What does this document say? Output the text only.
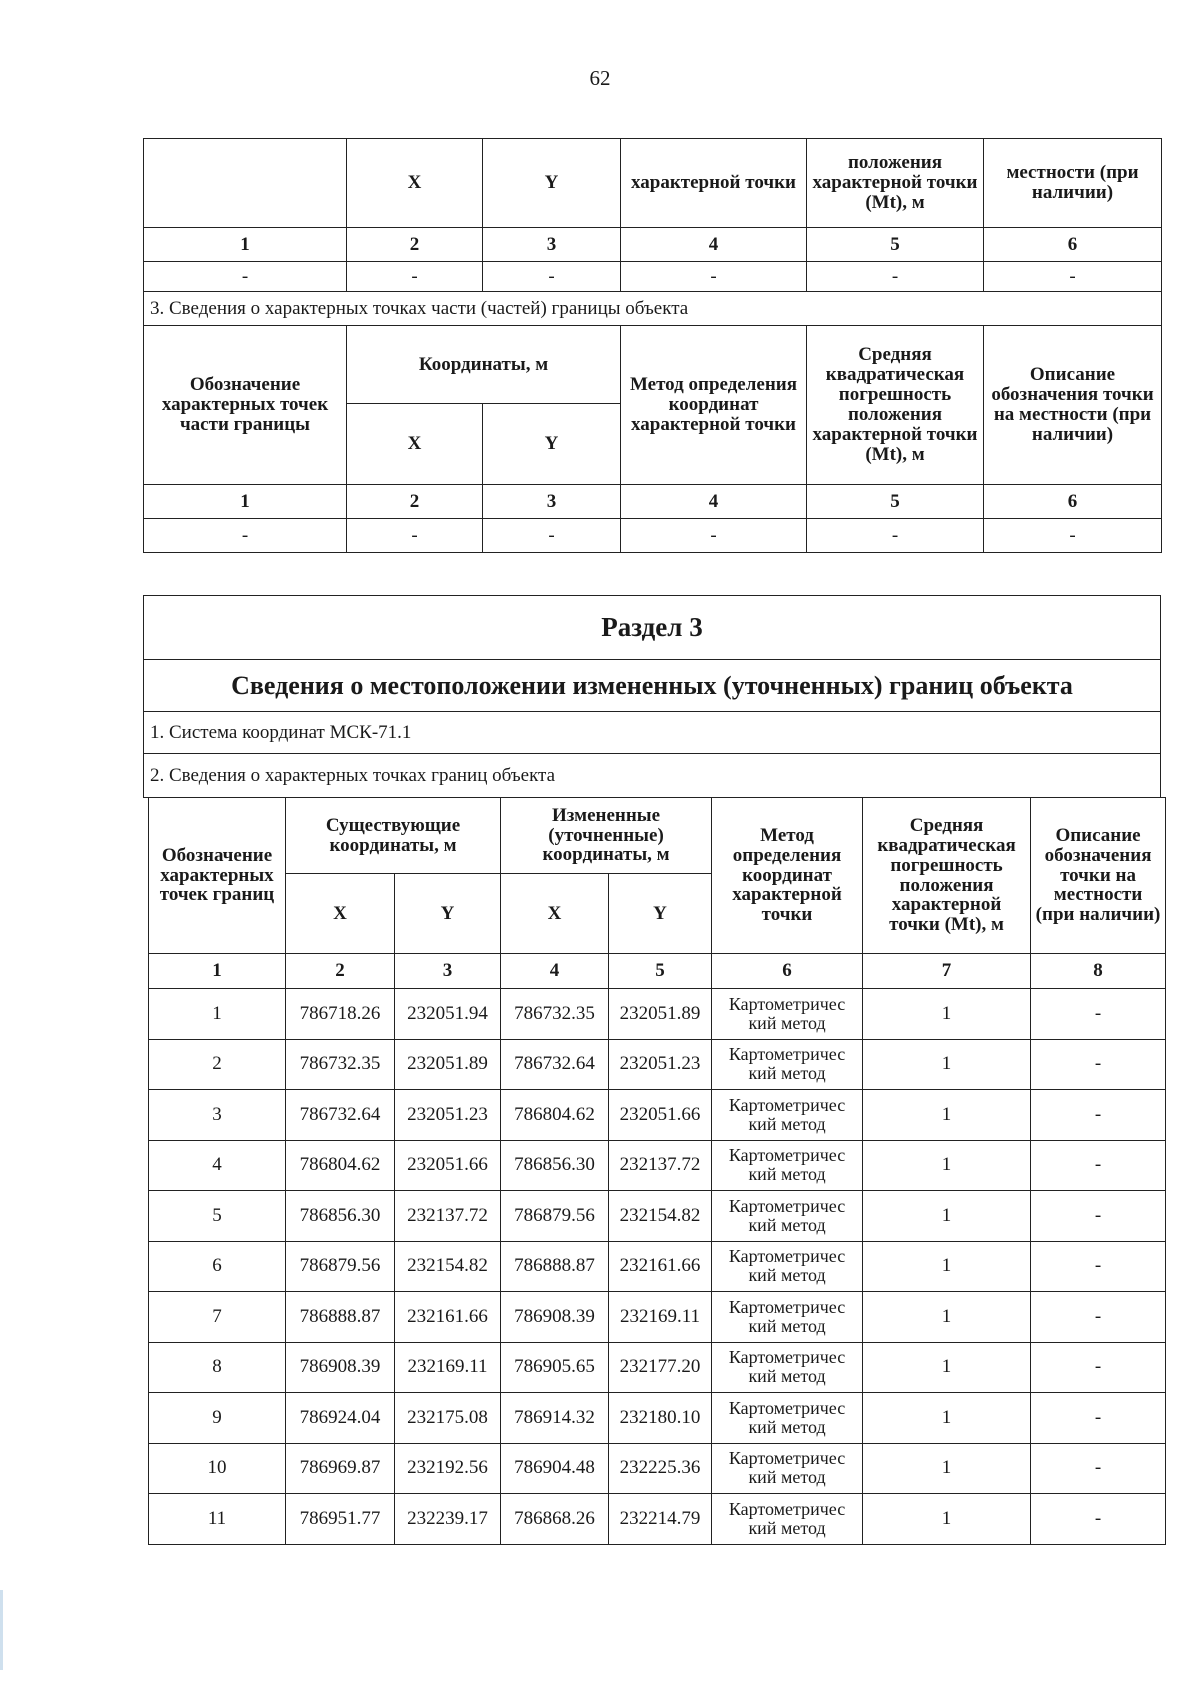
62
	X	Y	характерной точки	положения характерной точки (Mt), м	местности (при наличии)
1	2	3	4	5	6
-	-	-	-	-	-
3. Сведения о характерных точках части (частей) границы объекта					
Обозначение характерных точек части границы	Координаты, м		Метод определения координат характерной точки	Средняя квадратическая погрешность положения характерной точки (Mt), м	Описание обозначения точки на местности (при наличии)
	X	Y			
1	2	3	4	5	6
-	-	-	-	-	-
Раздел 3
Сведения о местоположении измененных (уточненных) границ объекта
1. Система координат МСК-71.1
2. Сведения о характерных точках границ объекта
Обозначение характерных точек границ	Существующие координаты, м		Измененные (уточненные) координаты, м		Метод определения координат характерной точки	Средняя квадратическая погрешность положения характерной точки (Mt), м	Описание обозначения точки на местности (при наличии)
	X	Y	X	Y			
1	2	3	4	5	6	7	8
1	786718.26	232051.94	786732.35	232051.89	Картометричес кий метод	1	-
2	786732.35	232051.89	786732.64	232051.23	Картометричес кий метод	1	-
3	786732.64	232051.23	786804.62	232051.66	Картометричес кий метод	1	-
4	786804.62	232051.66	786856.30	232137.72	Картометричес кий метод	1	-
5	786856.30	232137.72	786879.56	232154.82	Картометричес кий метод	1	-
6	786879.56	232154.82	786888.87	232161.66	Картометричес кий метод	1	-
7	786888.87	232161.66	786908.39	232169.11	Картометричес кий метод	1	-
8	786908.39	232169.11	786905.65	232177.20	Картометричес кий метод	1	-
9	786924.04	232175.08	786914.32	232180.10	Картометричес кий метод	1	-
10	786969.87	232192.56	786904.48	232225.36	Картометричес кий метод	1	-
11	786951.77	232239.17	786868.26	232214.79	Картометричес кий метод	1	-
